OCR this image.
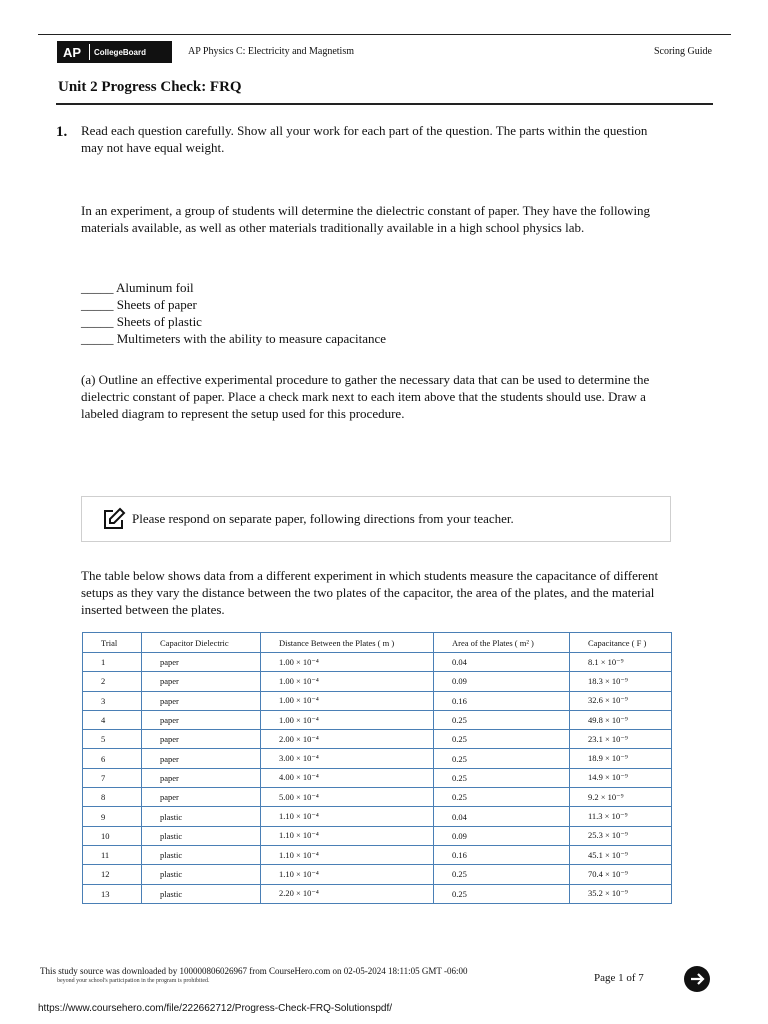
AP	CollegeBoard	AP Physics C: Electricity and Magnetism	Scoring Guide
Unit 2 Progress Check: FRQ
1. Read each question carefully. Show all your work for each part of the question. The parts within the question may not have equal weight.
In an experiment, a group of students will determine the dielectric constant of paper. They have the following materials available, as well as other materials traditionally available in a high school physics lab.
_____ Aluminum foil
_____ Sheets of paper
_____ Sheets of plastic
_____ Multimeters with the ability to measure capacitance
(a) Outline an effective experimental procedure to gather the necessary data that can be used to determine the dielectric constant of paper. Place a check mark next to each item above that the students should use. Draw a labeled diagram to represent the setup used for this procedure.
Please respond on separate paper, following directions from your teacher.
The table below shows data from a different experiment in which students measure the capacitance of different setups as they vary the distance between the two plates of the capacitor, the area of the plates, and the material inserted between the plates.
Trial	Capacitor Dielectric	Distance Between the Plates ( m )	Area of the Plates ( m² )	Capacitance ( F )
1	paper	1.00 × 10⁻⁴	0.04	8.1 × 10⁻⁹
2	paper	1.00 × 10⁻⁴	0.09	18.3 × 10⁻⁹
3	paper	1.00 × 10⁻⁴	0.16	32.6 × 10⁻⁹
4	paper	1.00 × 10⁻⁴	0.25	49.8 × 10⁻⁹
5	paper	2.00 × 10⁻⁴	0.25	23.1 × 10⁻⁹
6	paper	3.00 × 10⁻⁴	0.25	18.9 × 10⁻⁹
7	paper	4.00 × 10⁻⁴	0.25	14.9 × 10⁻⁹
8	paper	5.00 × 10⁻⁴	0.25	9.2 × 10⁻⁹
9	plastic	1.10 × 10⁻⁴	0.04	11.3 × 10⁻⁹
10	plastic	1.10 × 10⁻⁴	0.09	25.3 × 10⁻⁹
11	plastic	1.10 × 10⁻⁴	0.16	45.1 × 10⁻⁹
12	plastic	1.10 × 10⁻⁴	0.25	70.4 × 10⁻⁹
13	plastic	2.20 × 10⁻⁴	0.25	35.2 × 10⁻⁹
This study source was downloaded by 100000806026967 from CourseHero.com on 02-05-2024 18:11:05 GMT -06:00
beyond your school's participation in the program is prohibited.	Page 1 of 7
https://www.coursehero.com/file/222662712/Progress-Check-FRQ-Solutionspdf/
